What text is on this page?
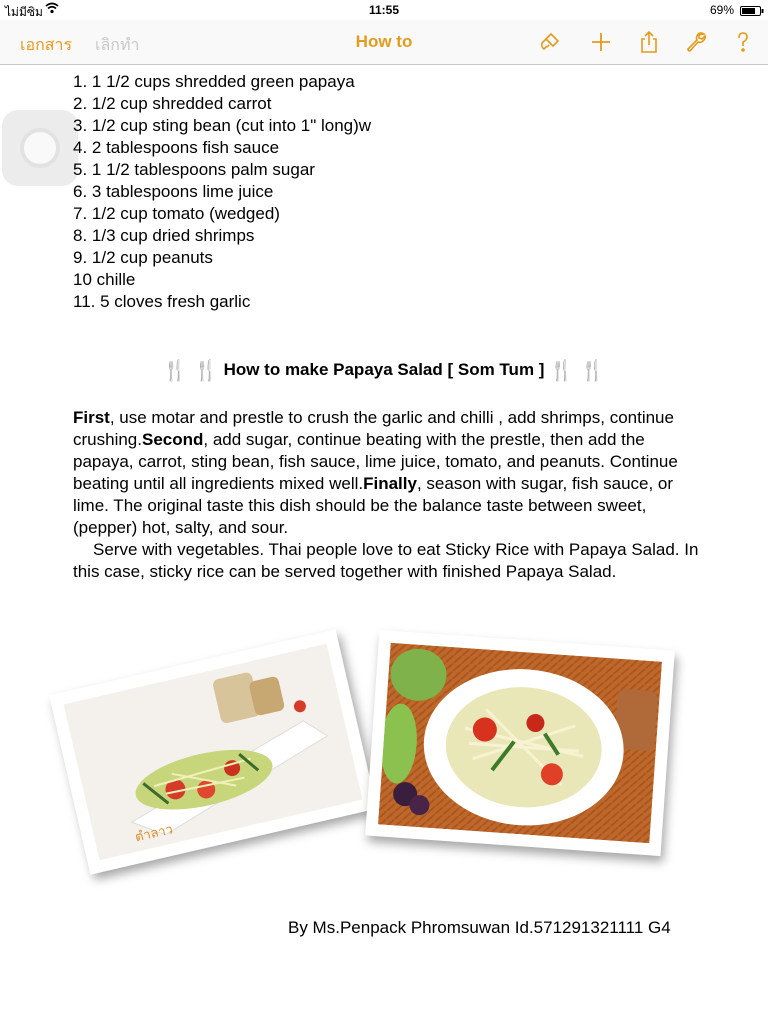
ไม่มีซิม	11:55	69%
เอกสาร เลิกทำ	How to
1. 1 1/2 cups shredded green papaya
2. 1/2 cup shredded carrot
3. 1/2 cup sting bean (cut into 1" long)w
4. 2 tablespoons fish sauce
5. 1 1/2 tablespoons palm sugar
6. 3 tablespoons lime juice
7. 1/2 cup tomato (wedged)
8. 1/3 cup dried shrimps
9. 1/2 cup peanuts
10 chille
11. 5 cloves fresh garlic
🍴 🍴 How to make Papaya Salad [ Som Tum ] 🍴 🍴

First, use motar and prestle to crush the garlic and chilli , add shrimps, continue crushing.Second, add sugar, continue beating with the prestle, then add the papaya, carrot, sting bean, fish sauce, lime juice, tomato, and peanuts. Continue beating until all ingredients mixed well.Finally, season with sugar, fish sauce, or lime. The original taste this dish should be the balance taste between sweet, (pepper) hot, salty, and sour.

Serve with vegetables. Thai people love to eat Sticky Rice with Papaya Salad. In this case, sticky rice can be served together with finished Papaya Salad.

ตำลาว
By Ms.Penpack Phromsuwan Id.571291321111 G4
